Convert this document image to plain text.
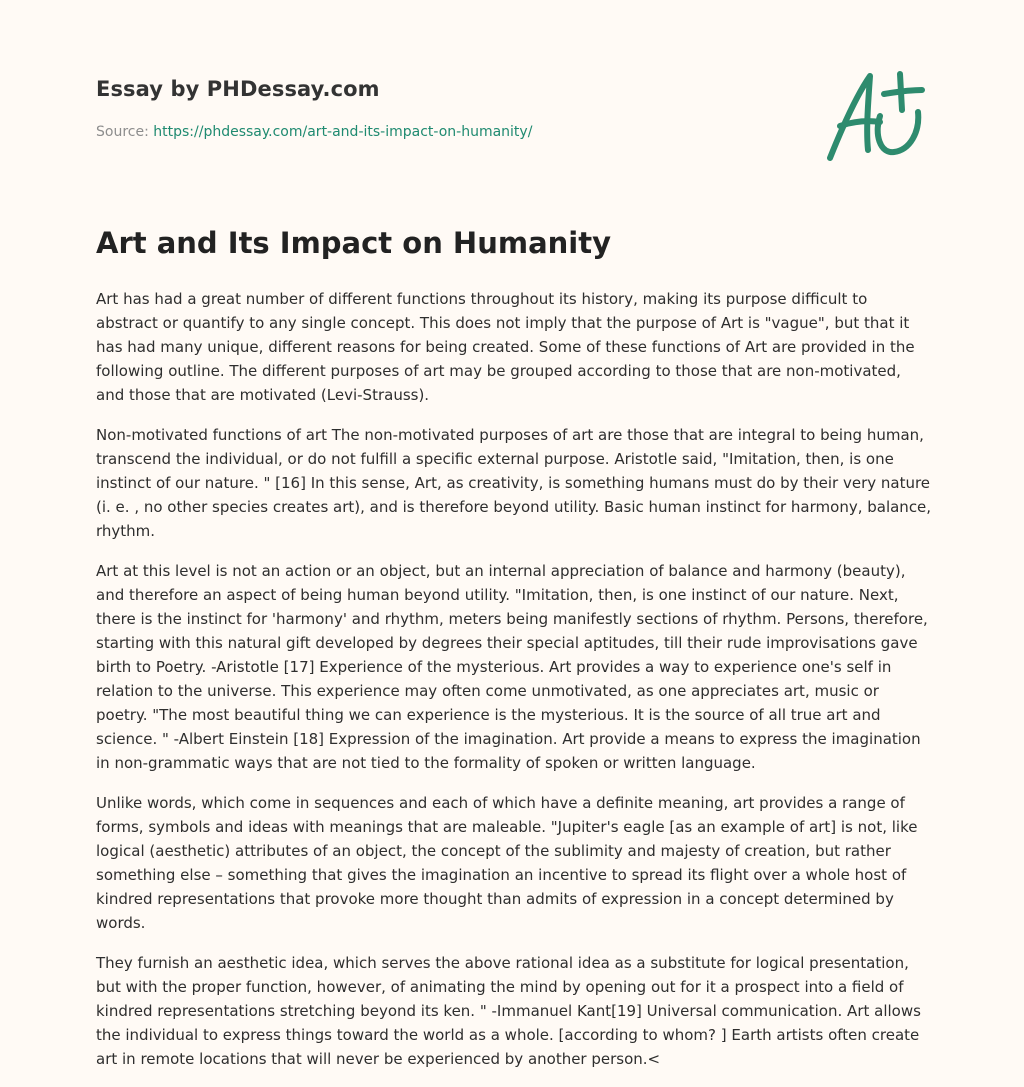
Essay by PHDessay.com
Source: https://phdessay.com/art-and-its-impact-on-humanity/
Art and Its Impact on Humanity

Art has had a great number of different functions throughout its history, making its purpose difficult to abstract or quantify to any single concept. This does not imply that the purpose of Art is "vague", but that it has had many unique, different reasons for being created. Some of these functions of Art are provided in the following outline. The different purposes of art may be grouped according to those that are non-motivated, and those that are motivated (Levi-Strauss).

Non-motivated functions of art The non-motivated purposes of art are those that are integral to being human, transcend the individual, or do not fulfill a specific external purpose. Aristotle said, "Imitation, then, is one instinct of our nature. " [16] In this sense, Art, as creativity, is something humans must do by their very nature (i. e. , no other species creates art), and is therefore beyond utility. Basic human instinct for harmony, balance, rhythm.

Art at this level is not an action or an object, but an internal appreciation of balance and harmony (beauty), and therefore an aspect of being human beyond utility. "Imitation, then, is one instinct of our nature. Next, there is the instinct for 'harmony' and rhythm, meters being manifestly sections of rhythm. Persons, therefore, starting with this natural gift developed by degrees their special aptitudes, till their rude improvisations gave birth to Poetry. -Aristotle [17] Experience of the mysterious. Art provides a way to experience one's self in relation to the universe. This experience may often come unmotivated, as one appreciates art, music or poetry. "The most beautiful thing we can experience is the mysterious. It is the source of all true art and science. " -Albert Einstein [18] Expression of the imagination. Art provide a means to express the imagination in non-grammatic ways that are not tied to the formality of spoken or written language.

Unlike words, which come in sequences and each of which have a definite meaning, art provides a range of forms, symbols and ideas with meanings that are maleable. "Jupiter's eagle [as an example of art] is not, like logical (aesthetic) attributes of an object, the concept of the sublimity and majesty of creation, but rather something else – something that gives the imagination an incentive to spread its flight over a whole host of kindred representations that provoke more thought than admits of expression in a concept determined by words.

They furnish an aesthetic idea, which serves the above rational idea as a substitute for logical presentation, but with the proper function, however, of animating the mind by opening out for it a prospect into a field of kindred representations stretching beyond its ken. " -Immanuel Kant[19] Universal communication. Art allows the individual to express things toward the world as a whole. [according to whom? ] Earth artists often create art in remote locations that will never be experienced by another person.<
